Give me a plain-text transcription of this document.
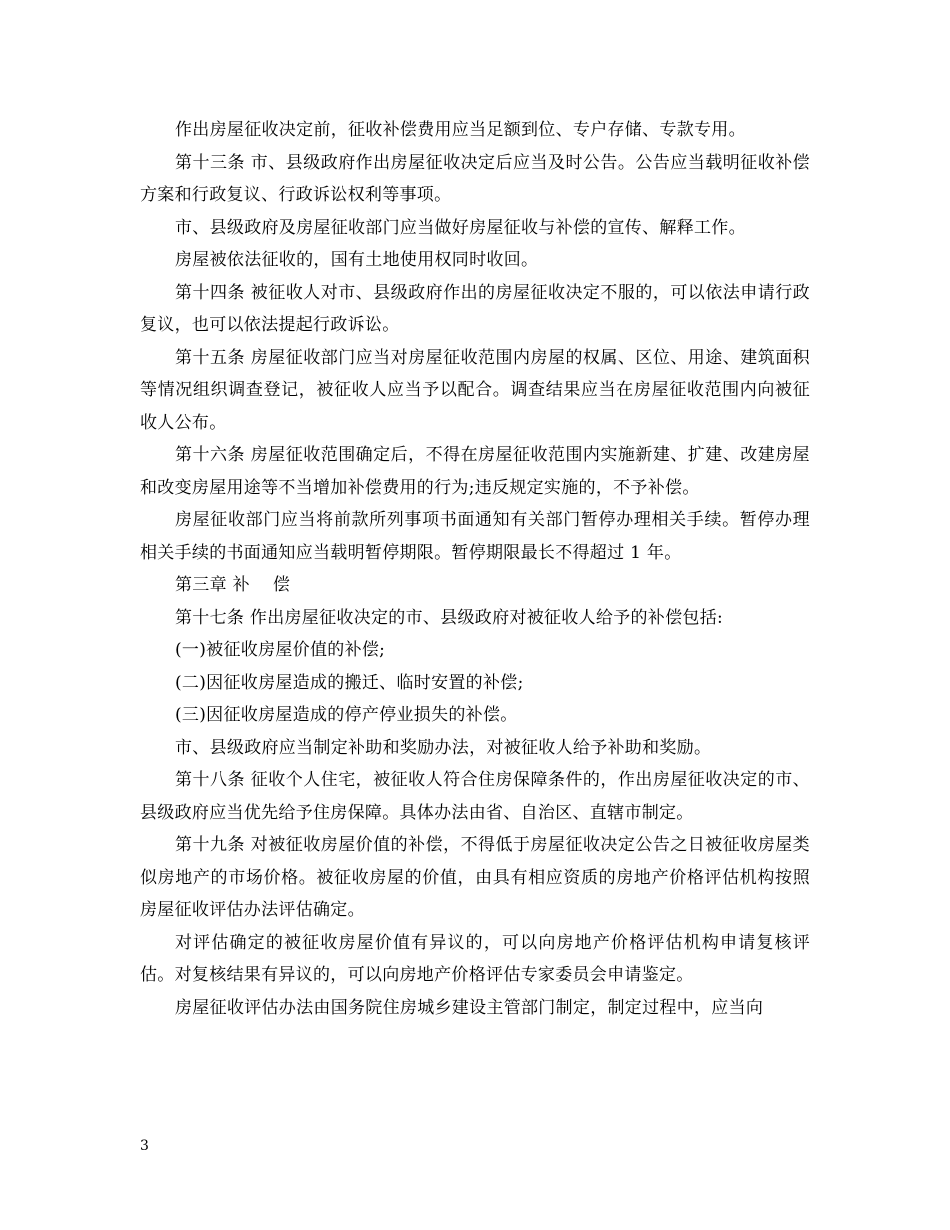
作出房屋征收决定前，征收补偿费用应当足额到位、专户存储、专款专用。

第十三条 市、县级政府作出房屋征收决定后应当及时公告。公告应当载明征收补偿方案和行政复议、行政诉讼权利等事项。

市、县级政府及房屋征收部门应当做好房屋征收与补偿的宣传、解释工作。

房屋被依法征收的，国有土地使用权同时收回。

第十四条 被征收人对市、县级政府作出的房屋征收决定不服的，可以依法申请行政复议，也可以依法提起行政诉讼。

第十五条 房屋征收部门应当对房屋征收范围内房屋的权属、区位、用途、建筑面积等情况组织调查登记，被征收人应当予以配合。调查结果应当在房屋征收范围内向被征收人公布。

第十六条 房屋征收范围确定后，不得在房屋征收范围内实施新建、扩建、改建房屋和改变房屋用途等不当增加补偿费用的行为;违反规定实施的，不予补偿。

房屋征收部门应当将前款所列事项书面通知有关部门暂停办理相关手续。暂停办理相关手续的书面通知应当载明暂停期限。暂停期限最长不得超过 1 年。

第三章 补　 偿

第十七条 作出房屋征收决定的市、县级政府对被征收人给予的补偿包括:

(一)被征收房屋价值的补偿;

(二)因征收房屋造成的搬迁、临时安置的补偿;

(三)因征收房屋造成的停产停业损失的补偿。

市、县级政府应当制定补助和奖励办法，对被征收人给予补助和奖励。

第十八条 征收个人住宅，被征收人符合住房保障条件的，作出房屋征收决定的市、县级政府应当优先给予住房保障。具体办法由省、自治区、直辖市制定。

第十九条 对被征收房屋价值的补偿，不得低于房屋征收决定公告之日被征收房屋类似房地产的市场价格。被征收房屋的价值，由具有相应资质的房地产价格评估机构按照房屋征收评估办法评估确定。

对评估确定的被征收房屋价值有异议的，可以向房地产价格评估机构申请复核评估。对复核结果有异议的，可以向房地产价格评估专家委员会申请鉴定。

房屋征收评估办法由国务院住房城乡建设主管部门制定，制定过程中，应当向

3
